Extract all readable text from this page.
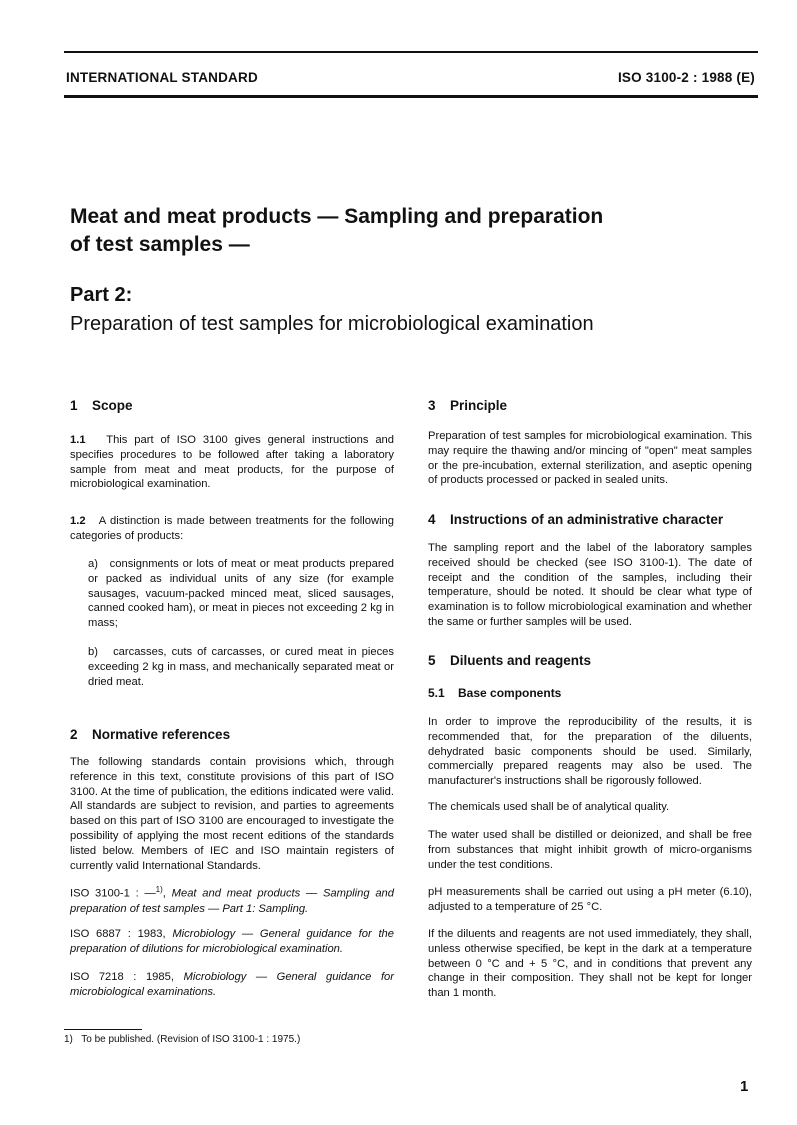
INTERNATIONAL STANDARD	ISO 3100-2 : 1988 (E)
Meat and meat products — Sampling and preparation
of test samples —
Part 2:
Preparation of test samples for microbiological examination
1 Scope

1.1 This part of ISO 3100 gives general instructions and specifies procedures to be followed after taking a laboratory sample from meat and meat products, for the purpose of microbiological examination.

1.2 A distinction is made between treatments for the following categories of products:

a) consignments or lots of meat or meat products prepared or packed as individual units of any size (for example sausages, vacuum-packed minced meat, sliced sausages, canned cooked ham), or meat in pieces not exceeding 2 kg in mass;

b) carcasses, cuts of carcasses, or cured meat in pieces exceeding 2 kg in mass, and mechanically separated meat or dried meat.

2 Normative references
The following standards contain provisions which, through reference in this text, constitute provisions of this part of ISO 3100. At the time of publication, the editions indicated were valid. All standards are subject to revision, and parties to agreements based on this part of ISO 3100 are encouraged to investigate the possibility of applying the most recent editions of the standards listed below. Members of IEC and ISO maintain registers of currently valid International Standards.

ISO 3100-1 : —$^{1)}$, Meat and meat products — Sampling and preparation of test samples — Part 1: Sampling.

ISO 6887 : 1983, Microbiology — General guidance for the preparation of dilutions for microbiological examination.

ISO 7218 : 1985, Microbiology — General guidance for microbiological examinations.

3 Principle
Preparation of test samples for microbiological examination. This may require the thawing and/or mincing of "open" meat samples or the pre-incubation, external sterilization, and aseptic opening of products processed or packed in sealed units.
4 Instructions of an administrative character
The sampling report and the label of the laboratory samples received should be checked (see ISO 3100-1). The date of receipt and the condition of the samples, including their temperature, should be noted. It should be clear what type of examination is to follow microbiological examination and whether the same or further samples will be used.
5 Diluents and reagents
5.1 Base components
In order to improve the reproducibility of the results, it is recommended that, for the preparation of the diluents, dehydrated basic components should be used. Similarly, commercially prepared reagents may also be used. The manufacturer's instructions shall be rigorously followed.
The chemicals used shall be of analytical quality.
The water used shall be distilled or deionized, and shall be free from substances that might inhibit growth of micro-organisms under the test conditions.
pH measurements shall be carried out using a pH meter (6.10), adjusted to a temperature of 25 °C.
If the diluents and reagents are not used immediately, they shall, unless otherwise specified, be kept in the dark at a temperature between 0 °C and + 5 °C, and in conditions that prevent any change in their composition. They shall not be kept for longer than 1 month.
1) To be published. (Revision of ISO 3100-1 : 1975.)
1
